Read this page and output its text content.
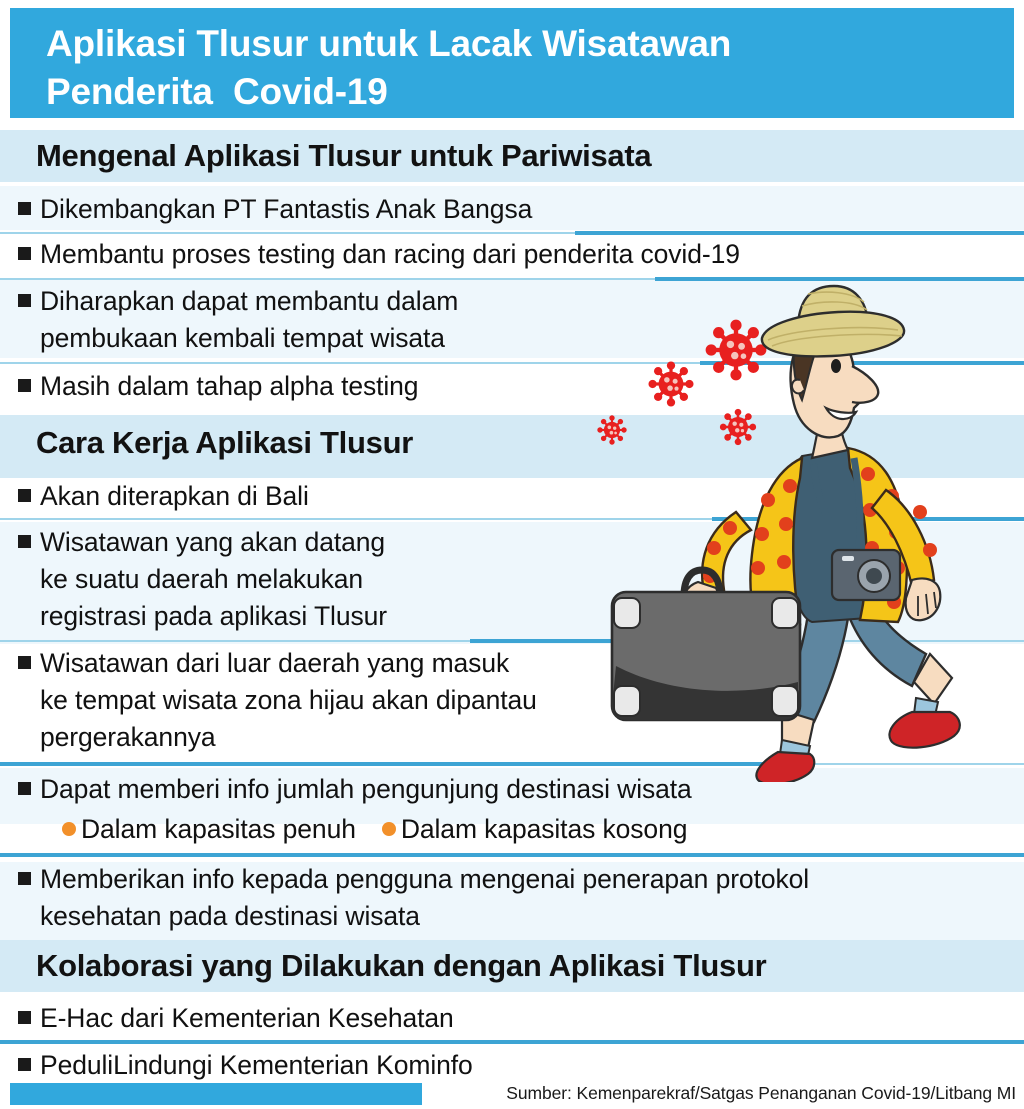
Aplikasi Tlusur untuk Lacak Wisatawan
Penderita  Covid-19
Mengenal Aplikasi Tlusur untuk Pariwisata
Dikembangkan PT Fantastis Anak Bangsa
Membantu proses testing dan racing dari penderita covid-19
Diharapkan dapat membantu dalam
pembukaan kembali tempat wisata
Masih dalam tahap alpha testing
Cara Kerja Aplikasi Tlusur
Akan diterapkan di Bali
Wisatawan yang akan datang
ke suatu daerah melakukan
registrasi pada aplikasi Tlusur
Wisatawan dari luar daerah yang masuk
ke tempat wisata zona hijau akan dipantau
pergerakannya
Dapat memberi info jumlah pengunjung destinasi wisata
Dalam kapasitas penuh Dalam kapasitas kosong
Memberikan info kepada pengguna mengenai penerapan protokol
kesehatan pada destinasi wisata
Kolaborasi yang Dilakukan dengan Aplikasi Tlusur
E-Hac dari Kementerian Kesehatan
PeduliLindungi Kementerian Kominfo
Sumber: Kemenparekraf/Satgas Penanganan Covid-19/Litbang MI
